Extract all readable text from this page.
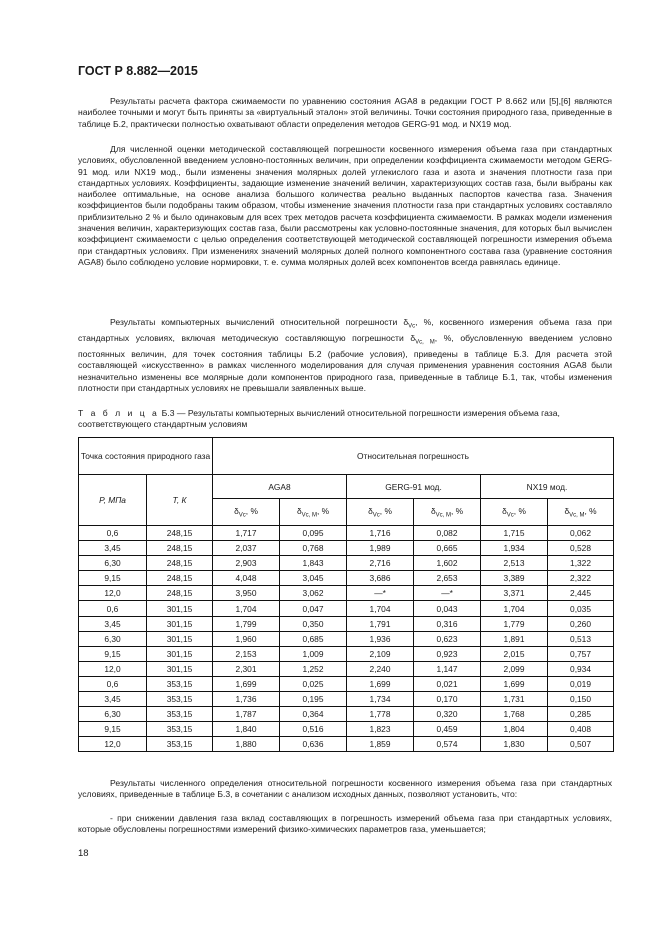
ГОСТ Р 8.882—2015

Результаты расчета фактора сжимаемости по уравнению состояния AGA8 в редакции ГОСТ Р 8.662 или [5],[6] являются наиболее точными и могут быть приняты за «виртуальный эталон» этой величины. Точки состояния природного газа, приведенные в таблице Б.2, практически полностью охватывают области определения методов GERG-91 мод. и NX19 мод.

Для численной оценки методической составляющей погрешности косвенного измерения объема газа при стандартных условиях, обусловленной введением условно-постоянных величин, при определении коэффициента сжимаемости методом GERG-91 мод. или NX19 мод., были изменены значения молярных долей углекислого газа и азота и значения плотности газа при стандартных условиях. Коэффициенты, задающие изменение значений величин, характеризующих состав газа, были выбраны как наиболее оптимальные, на основе анализа большого количества реально выданных паспортов качества газа. Значения коэффициентов были подобраны таким образом, чтобы изменение значения плотности газа при стандартных условиях составляло приблизительно 2 % и было одинаковым для всех трех методов расчета коэффициента сжимаемости. В рамках модели изменения значения величин, характеризующих состав газа, были рассмотрены как условно-постоянные значения, для которых был вычислен коэффициент сжимаемости с целью определения соответствующей методической составляющей погрешности измерения объема при стандартных условиях. При изменениях значений молярных долей полного компонентного состава газа (уравнение состояния AGA8) было соблюдено условие нормировки, т. е. сумма молярных долей всех компонентов всегда равнялась единице.

Результаты компьютерных вычислений относительной погрешности $\delta_{Vc}$, %, косвенного измерения объема газа при стандартных условиях, включая методическую составляющую погрешности $\delta_{Vc, M}$, %, обусловленную введением условно постоянных величин, для точек состояния таблицы Б.2 (рабочие условия), приведены в таблице Б.3. Для расчета этой составляющей «искусственно» в рамках численного моделирования для случая применения уравнения состояния AGA8 были незначительно изменены все молярные доли компонентов природного газа, приведенные в таблице Б.1, так, чтобы изменения плотности при стандартных условиях не превышали заявленных выше.

Т а б л и ц а Б.3 — Результаты компьютерных вычислений относительной погрешности измерения объема газа, соответствующего стандартным условиям
Точка состояния природного газа		Относительная погрешность					
P, МПа	T, К	AGA8		GERG-91 мод.		NX19 мод.	
		$\delta_{Vc}$, %	$\delta_{Vc, M}$, %	$\delta_{Vc}$, %	$\delta_{Vc, M}$, %	$\delta_{Vc}$, %	$\delta_{Vc, M}$, %
0,6	248,15	1,717	0,095	1,716	0,082	1,715	0,062
3,45	248,15	2,037	0,768	1,989	0,665	1,934	0,528
6,30	248,15	2,903	1,843	2,716	1,602	2,513	1,322
9,15	248,15	4,048	3,045	3,686	2,653	3,389	2,322
12,0	248,15	3,950	3,062	—*	—*	3,371	2,445
0,6	301,15	1,704	0,047	1,704	0,043	1,704	0,035
3,45	301,15	1,799	0,350	1,791	0,316	1,779	0,260
6,30	301,15	1,960	0,685	1,936	0,623	1,891	0,513
9,15	301,15	2,153	1,009	2,109	0,923	2,015	0,757
12,0	301,15	2,301	1,252	2,240	1,147	2,099	0,934
0,6	353,15	1,699	0,025	1,699	0,021	1,699	0,019
3,45	353,15	1,736	0,195	1,734	0,170	1,731	0,150
6,30	353,15	1,787	0,364	1,778	0,320	1,768	0,285
9,15	353,15	1,840	0,516	1,823	0,459	1,804	0,408
12,0	353,15	1,880	0,636	1,859	0,574	1,830	0,507

Результаты численного определения относительной погрешности косвенного измерения объема газа при стандартных условиях, приведенные в таблице Б.3, в сочетании с анализом исходных данных, позволяют установить, что:

- при снижении давления газа вклад составляющих в погрешность измерений объема газа при стандартных условиях, которые обусловлены погрешностями измерений физико-химических параметров газа, уменьшается;

18
